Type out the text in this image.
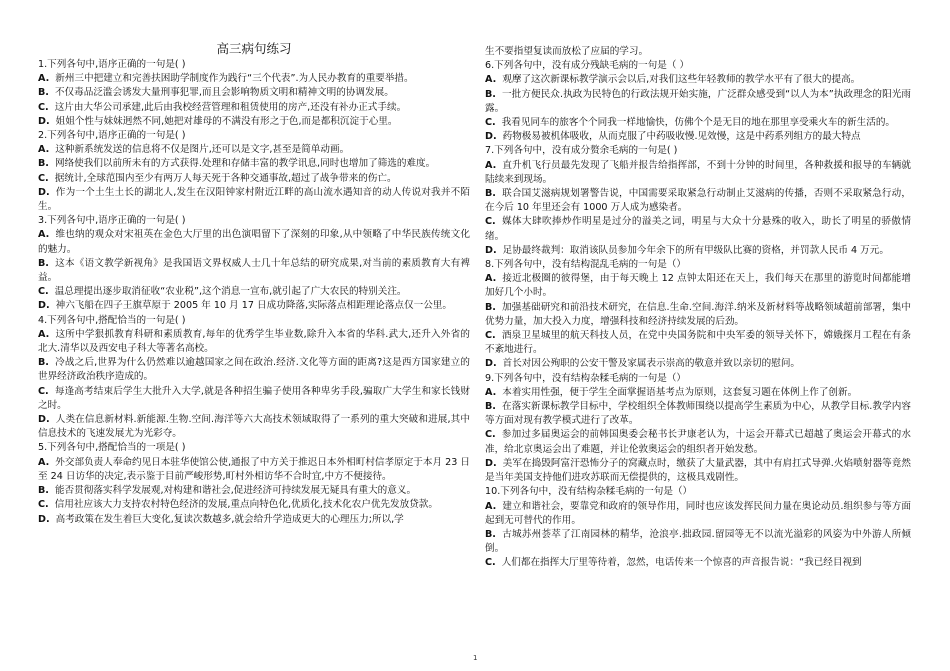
高三病句练习
1.下列各句中,语序正确的一句是( )
A. 新州三中把建立和完善扶困助学制度作为践行“三个代表”.为人民办教育的重要举措。
B. 不仅毒品泛滥会诱发大量刑事犯罪,而且会影响物质文明和精神文明的协调发展。
C. 这片由大华公司承建,此后由我校经营管理和租赁使用的房产,还没有补办正式手续。
D. 姐姐个性与妹妹迥然不同,她把对雄母的不满没有形之于色,而是都积沉淀于心里。
2.下列各句中,语序正确的一句是( )
A. 这种新系统发送的信息将不仅是图片,还可以是文字,甚至是简单动画。
B. 网络使我们以前所未有的方式获得.处理和存储丰富的教学讯息,同时也增加了筛选的难度。
C. 据统计,全球范围内至少有两万人每天死于各种交通事故,超过了战争带来的伤亡。
D. 作为一个土生土长的湖北人,发生在汉阳钟家村附近江畔的高山流水遇知音的动人传说对我并不陌生。
3.下列各句中,语序正确的一句是( )
A. 维也纳的观众对宋祖英在金色大厅里的出色演唱留下了深刻的印象,从中领略了中华民族传统文化的魅力。
B. 这本《语文教学新视角》是我国语文界权威人士几十年总结的研究成果,对当前的素质教育大有裨益。
C. 温总理提出逐步取消征收“农业税”,这个消息一宣布,就引起了广大农民的特别关注。
D. 神六飞船在四子王旗草原于 2005 年 10 月 17 日成功降落,实际落点相距理论落点仅一公里。
4.下列各句中,搭配恰当的一句是( )
A. 这所中学狠抓教育科研和素质教育,每年的优秀学生毕业数,除升入本省的华科.武大,还升入外省的北大.清华以及西安电子科大等著名高校。
B. 冷战之后,世界为什么仍然难以逾越国家之间在政治.经济.文化等方面的距离?这是西方国家建立的世界经济政治秩序造成的。
C. 每逢高考结束后学生大批升入大学,就是各种招生骗子使用各种卑劣手段,骗取广大学生和家长钱财之时。
D. 人类在信息新材料.新能源.生物.空间.海洋等六大高技术领域取得了一系列的重大突破和进展,其中信息技术的飞速发展尤为光彩夺。
5.下列各句中,搭配恰当的一项是( )
A. 外交部负责人奉命约见日本驻华使馆公使,通报了中方关于推迟日本外相町村信孝原定于本月 23 日至 24 日访华的决定,表示鉴于目前严峻形势,町村外相访华不合时宜,中方不便接待。
B. 能否贯彻落实科学发展观,对构建和谐社会,促进经济可持续发展无疑具有重大的意义。
C. 信用社应该大力支持农村特色经济的发展,重点向特色化,优质化,技术化农户优先发放贷款。
D. 高考政策在发生着巨大变化,复读次数越多,就会给升学造成更大的心理压力;所以,学
生不要指望复读而放松了应届的学习。
6.下列各句中，没有成分残缺毛病的一句是（ ）
A. 观摩了这次新课标教学演示会以后,对我们这些年轻教师的教学水平有了很大的提高。
B. 一批方便民众.执政为民特色的行政法规开始实施，广泛群众感受到“以人为本”执政理念的阳光雨露。
C. 我看见同车的旅客个个同我一样地愉快，仿佛个个是无目的地在那里享受乘火车的新生活的。
D. 药物极易被机体吸收，从而克服了中药吸收慢.见效慢，这是中药系列组方的最大特点
7.下列各句中，没有成分赘余毛病的一句是( )
A. 直升机飞行员最先发现了飞船并报告给指挥部，不到十分钟的时间里，各种救援和报导的车辆就陆续来到现场。
B. 联合国艾滋病规划署警告说，中国需要采取紧急行动制止艾滋病的传播，否则不采取紧急行动，在今后 10 年里还会有 1000 万人成为感染者。
C. 媒体大肆吹捧炒作明星是过分的溢美之词，明星与大众十分悬殊的收入，助长了明星的骄傲情绪。
D. 足协最终裁判：取消该队员参加今年余下的所有甲级队比赛的资格，并罚款人民币 4 万元。
8.下列各句中，没有结构混乱毛病的一句是（）
A. 接近北极圈的彼得堡，由于每天晚上 12 点钟太阳还在天上，我们每天在那里的游览时间都能增加好几个小时。
B. 加强基础研究和前沿技术研究，在信息.生命.空间.海洋.纳米及新材料等战略领域超前部署，集中优势力量，加大投入力度，增强科技和经济持续发展的后劲。
C. 酒泉卫星城里的航天科技人员，在党中央国务院和中央军委的领导关怀下，嫦娥探月工程在有条不紊地进行。
D. 首长对因公殉职的公安干警及家属表示崇高的敬意并致以亲切的慰问。
9.下列各句中，没有结构杂糅毛病的一句是（）
A. 本着实用性强，便于学生全面掌握语基考点为原则，这套复习题在体例上作了创新。
B. 在落实新课标教学目标中，学校组织全体教师围绕以提高学生素质为中心，从教学目标.教学内容等方面对现有教学模式进行了改革。
C. 参加过多届奥运会的前韩国奥委会秘书长尹康老认为，十运会开幕式已超越了奥运会开幕式的水准，给北京奥运会出了难题，并让伦敦奥运会的组织者开始发愁。
D. 美军在捣毁阿富汗恐怖分子的窝藏点时，缴获了大量武器，其中有肩扛式导弹.火焰喷射器等竟然是当年美国支持他们进攻苏联而无偿提供的，这极具戏剧性。
10.下列各句中，没有结构杂糅毛病的一句是（）
A. 建立和谐社会，要靠党和政府的领导作用，同时也应该发挥民间力量在奥论动员.组织参与等方面起到无可替代的作用。
B. 古城苏州荟萃了江南园林的精华，沧浪亭.拙政园.留园等无不以流光溢彩的风姿为中外游人所倾倒。
C. 人们都在指挥大厅里等待着，忽然，电话传来一个惊喜的声音报告说：“我已经目视到
1
